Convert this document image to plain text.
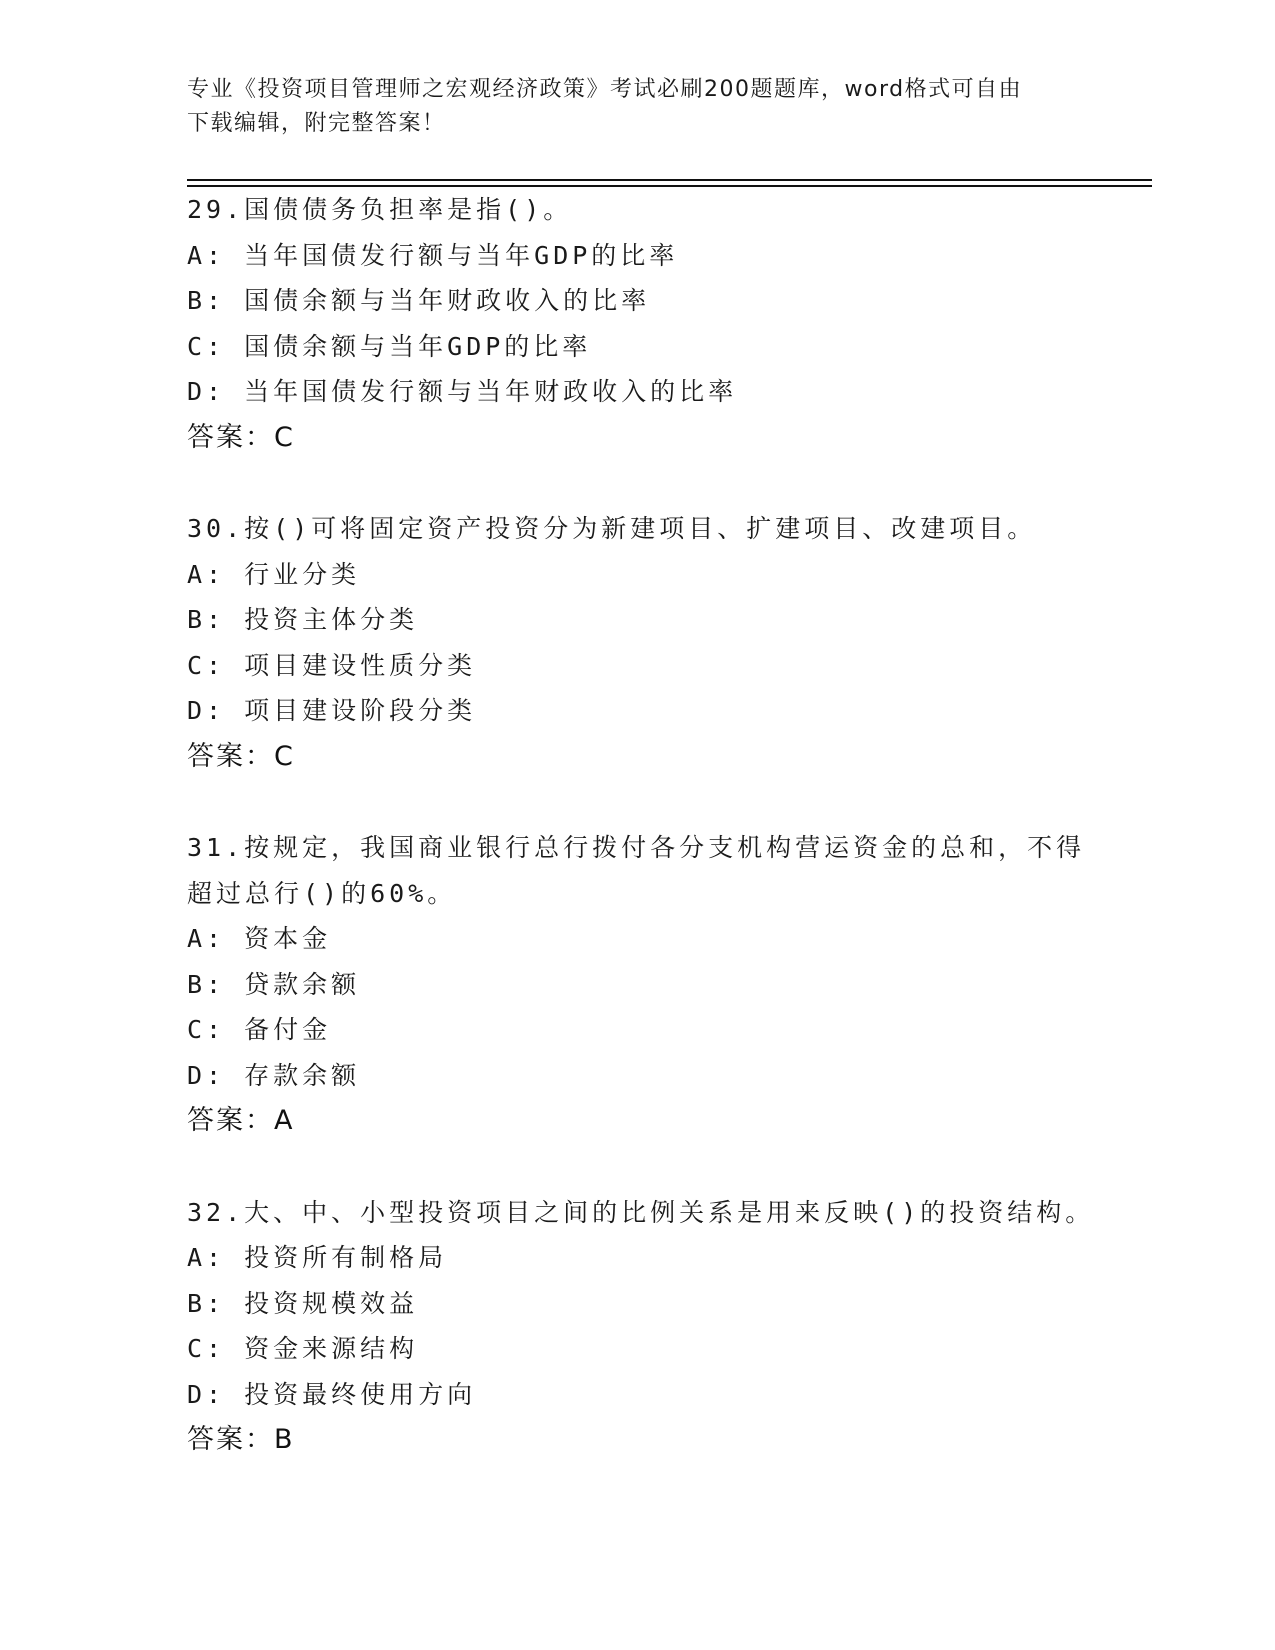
专业《投资项目管理师之宏观经济政策》考试必刷200题题库，word格式可自由
下载编辑，附完整答案！
29.国债债务负担率是指()。
A: 当年国债发行额与当年GDP的比率
B: 国债余额与当年财政收入的比率
C: 国债余额与当年GDP的比率
D: 当年国债发行额与当年财政收入的比率
答案：C
30.按()可将固定资产投资分为新建项目、扩建项目、改建项目。
A: 行业分类
B: 投资主体分类
C: 项目建设性质分类
D: 项目建设阶段分类
答案：C
31.按规定，我国商业银行总行拨付各分支机构营运资金的总和，不得
超过总行()的60%。
A: 资本金
B: 贷款余额
C: 备付金
D: 存款余额
答案：A
32.大、中、小型投资项目之间的比例关系是用来反映()的投资结构。
A: 投资所有制格局
B: 投资规模效益
C: 资金来源结构
D: 投资最终使用方向
答案：B
